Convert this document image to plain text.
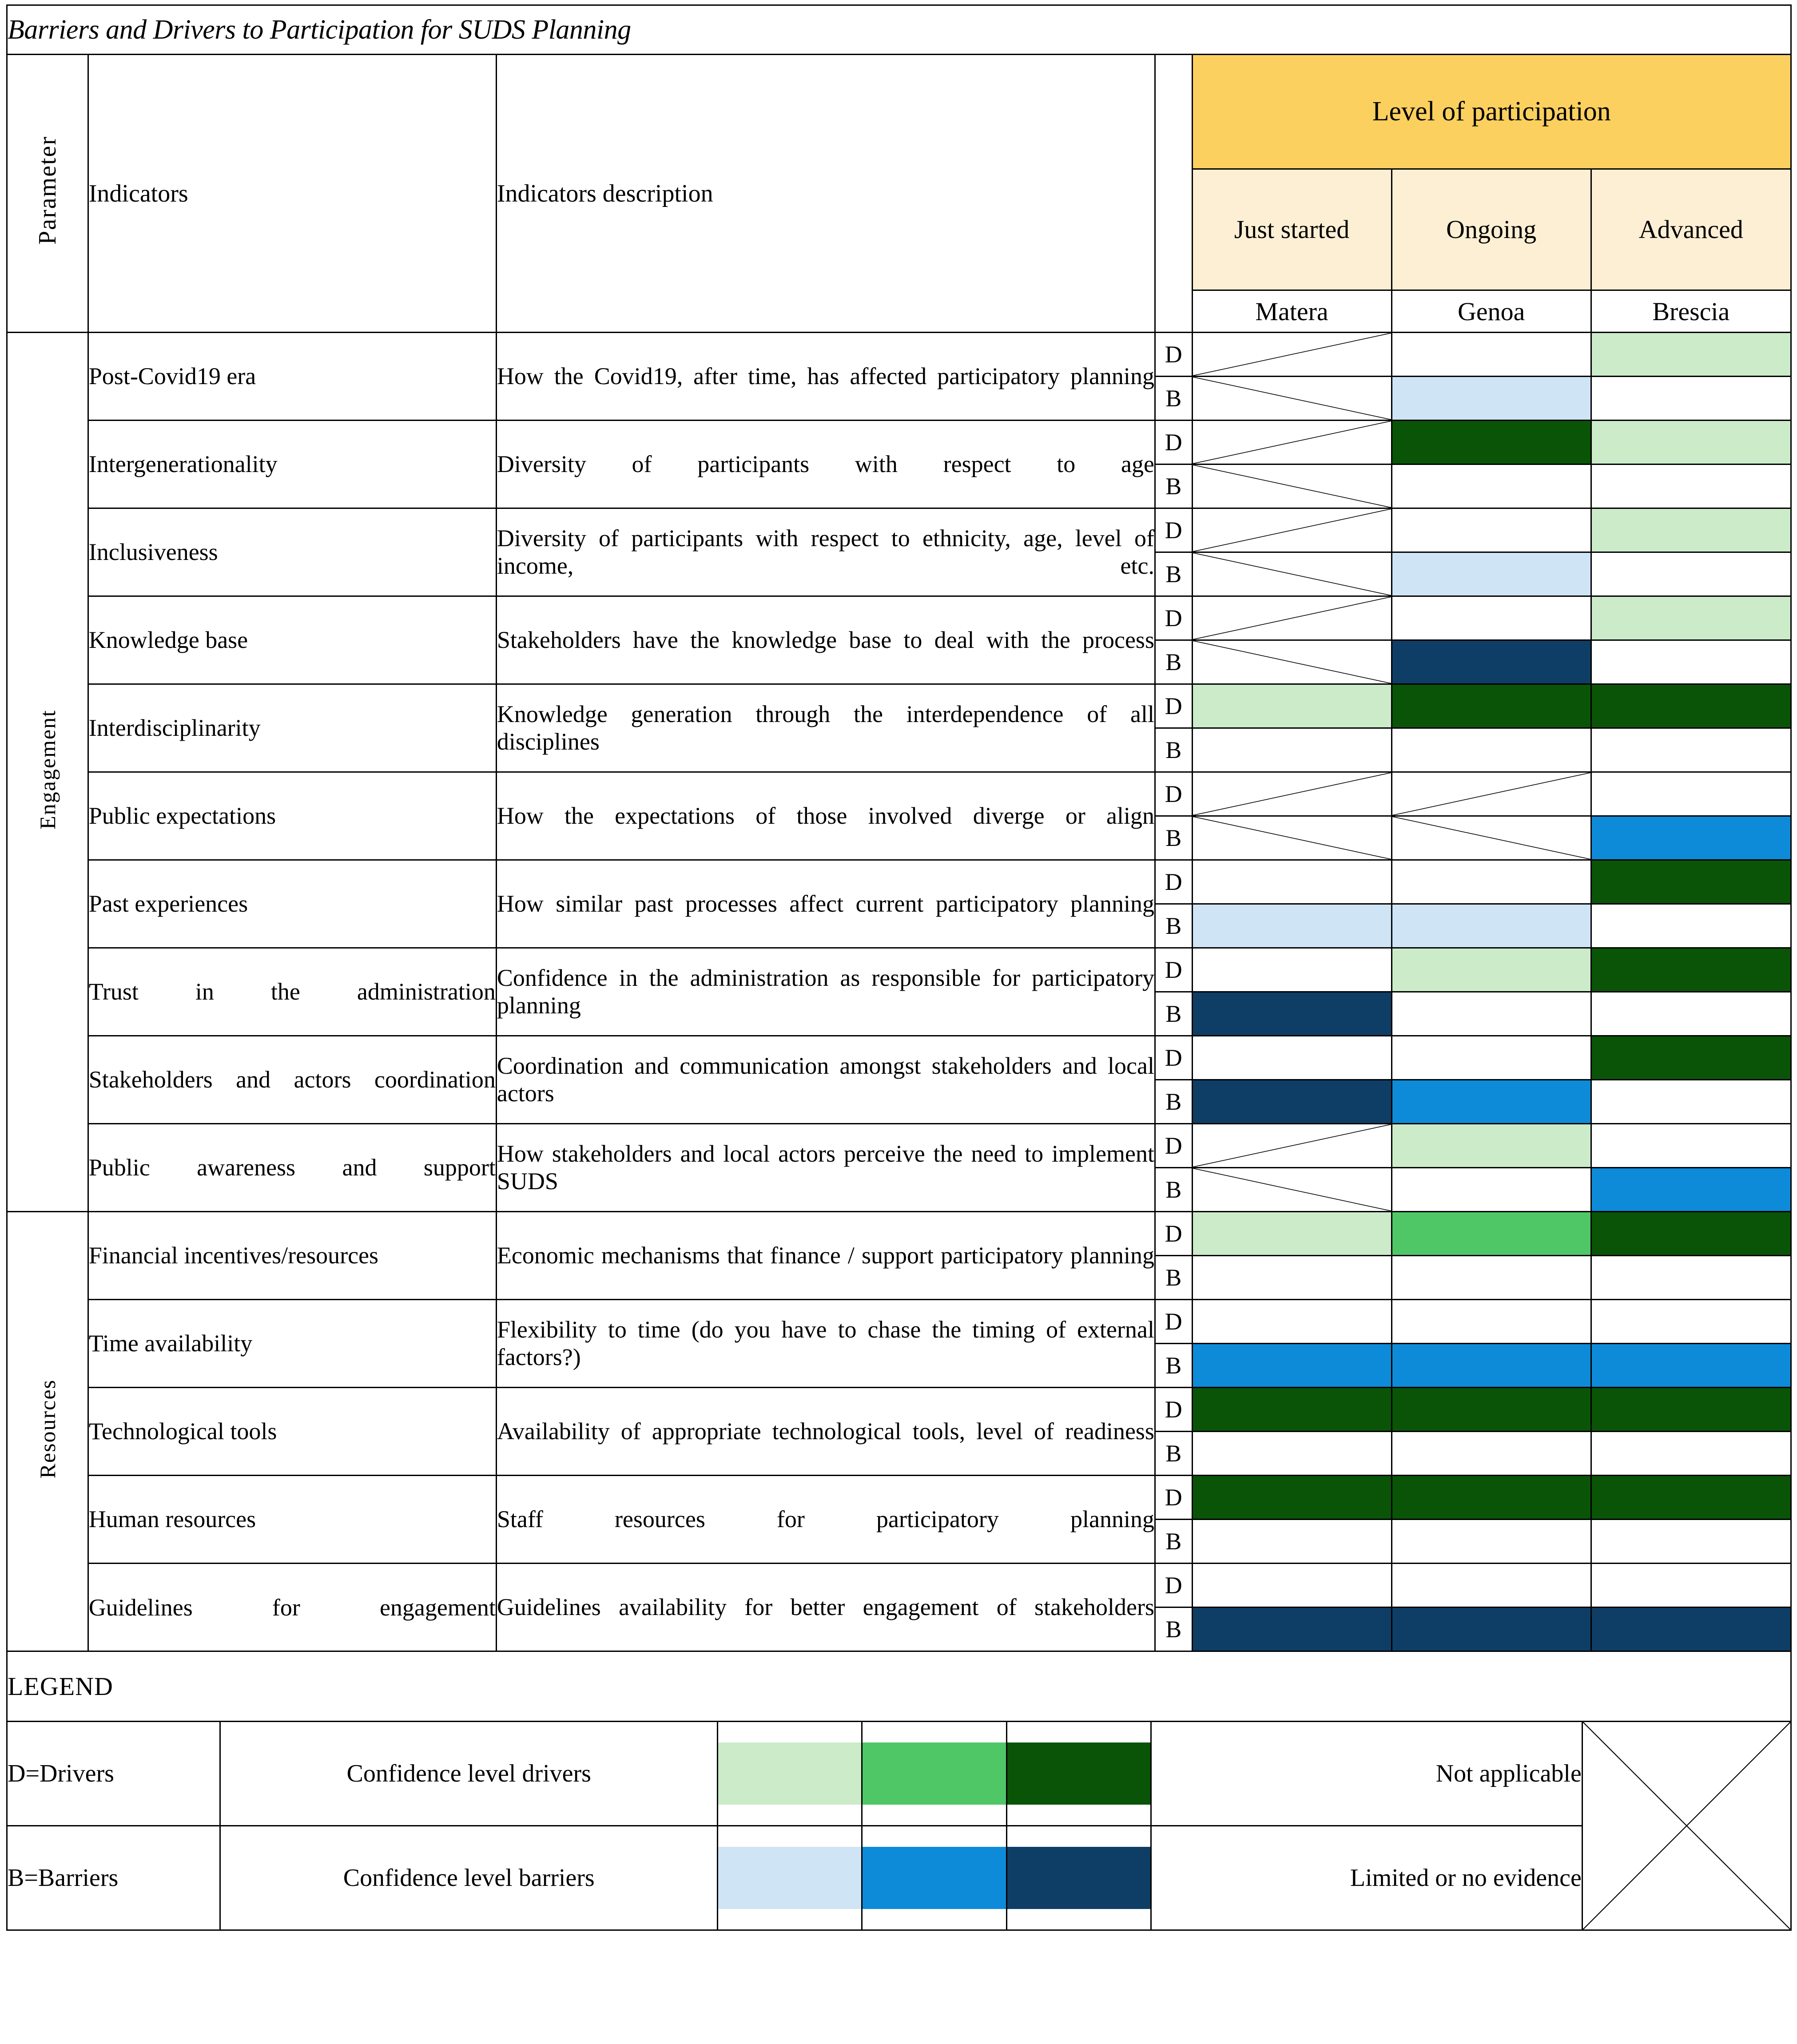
Barriers and Drivers to Participation for SUDS Planning						
Parameter	Indicators	Indicators description		Level of participation		
				Just started	Ongoing	Advanced
				Matera	Genoa	Brescia
Engagement	Post-Covid19 era	How the Covid19, after time, has affected participatory planning	D	

			B	

	Intergenerationality	Diversity of participants with respect to age	D	

			B	

	Inclusiveness	Diversity of participants with respect to ethnicity, age, level of income, etc.	D	

			B	

	Knowledge base	Stakeholders have the knowledge base to deal with the process	D	

			B	

	Interdisciplinarity	Knowledge generation through the interdependence of all disciplines	D	

			B	

	Public expectations	How the expectations of those involved diverge or align	D	

			B	

	Past experiences	How similar past processes affect current participatory planning	D	

			B	

	Trust in the administration	Confidence in the administration as responsible for participatory planning	D	

			B	

	Stakeholders and actors coordination	Coordination and communication amongst stakeholders and local actors	D	

			B	

	Public awareness and support	How stakeholders and local actors perceive the need to implement SUDS	D	

			B	

Resources	Financial incentives/resources	Economic mechanisms that finance / support participatory planning	D	

			B	

	Time availability	Flexibility to time (do you have to chase the timing of external factors?)	D	

			B	

	Technological tools	Availability of appropriate technological tools, level of readiness	D	

			B	

	Human resources	Staff resources for participatory planning	D	

			B	

	Guidelines for engagement	Guidelines availability for better engagement of stakeholders	D	

			B	

LEGEND						
D=Drivers	Confidence level drivers				Not applicable	

B=Barriers	Confidence level barriers				Limited or no evidence	
